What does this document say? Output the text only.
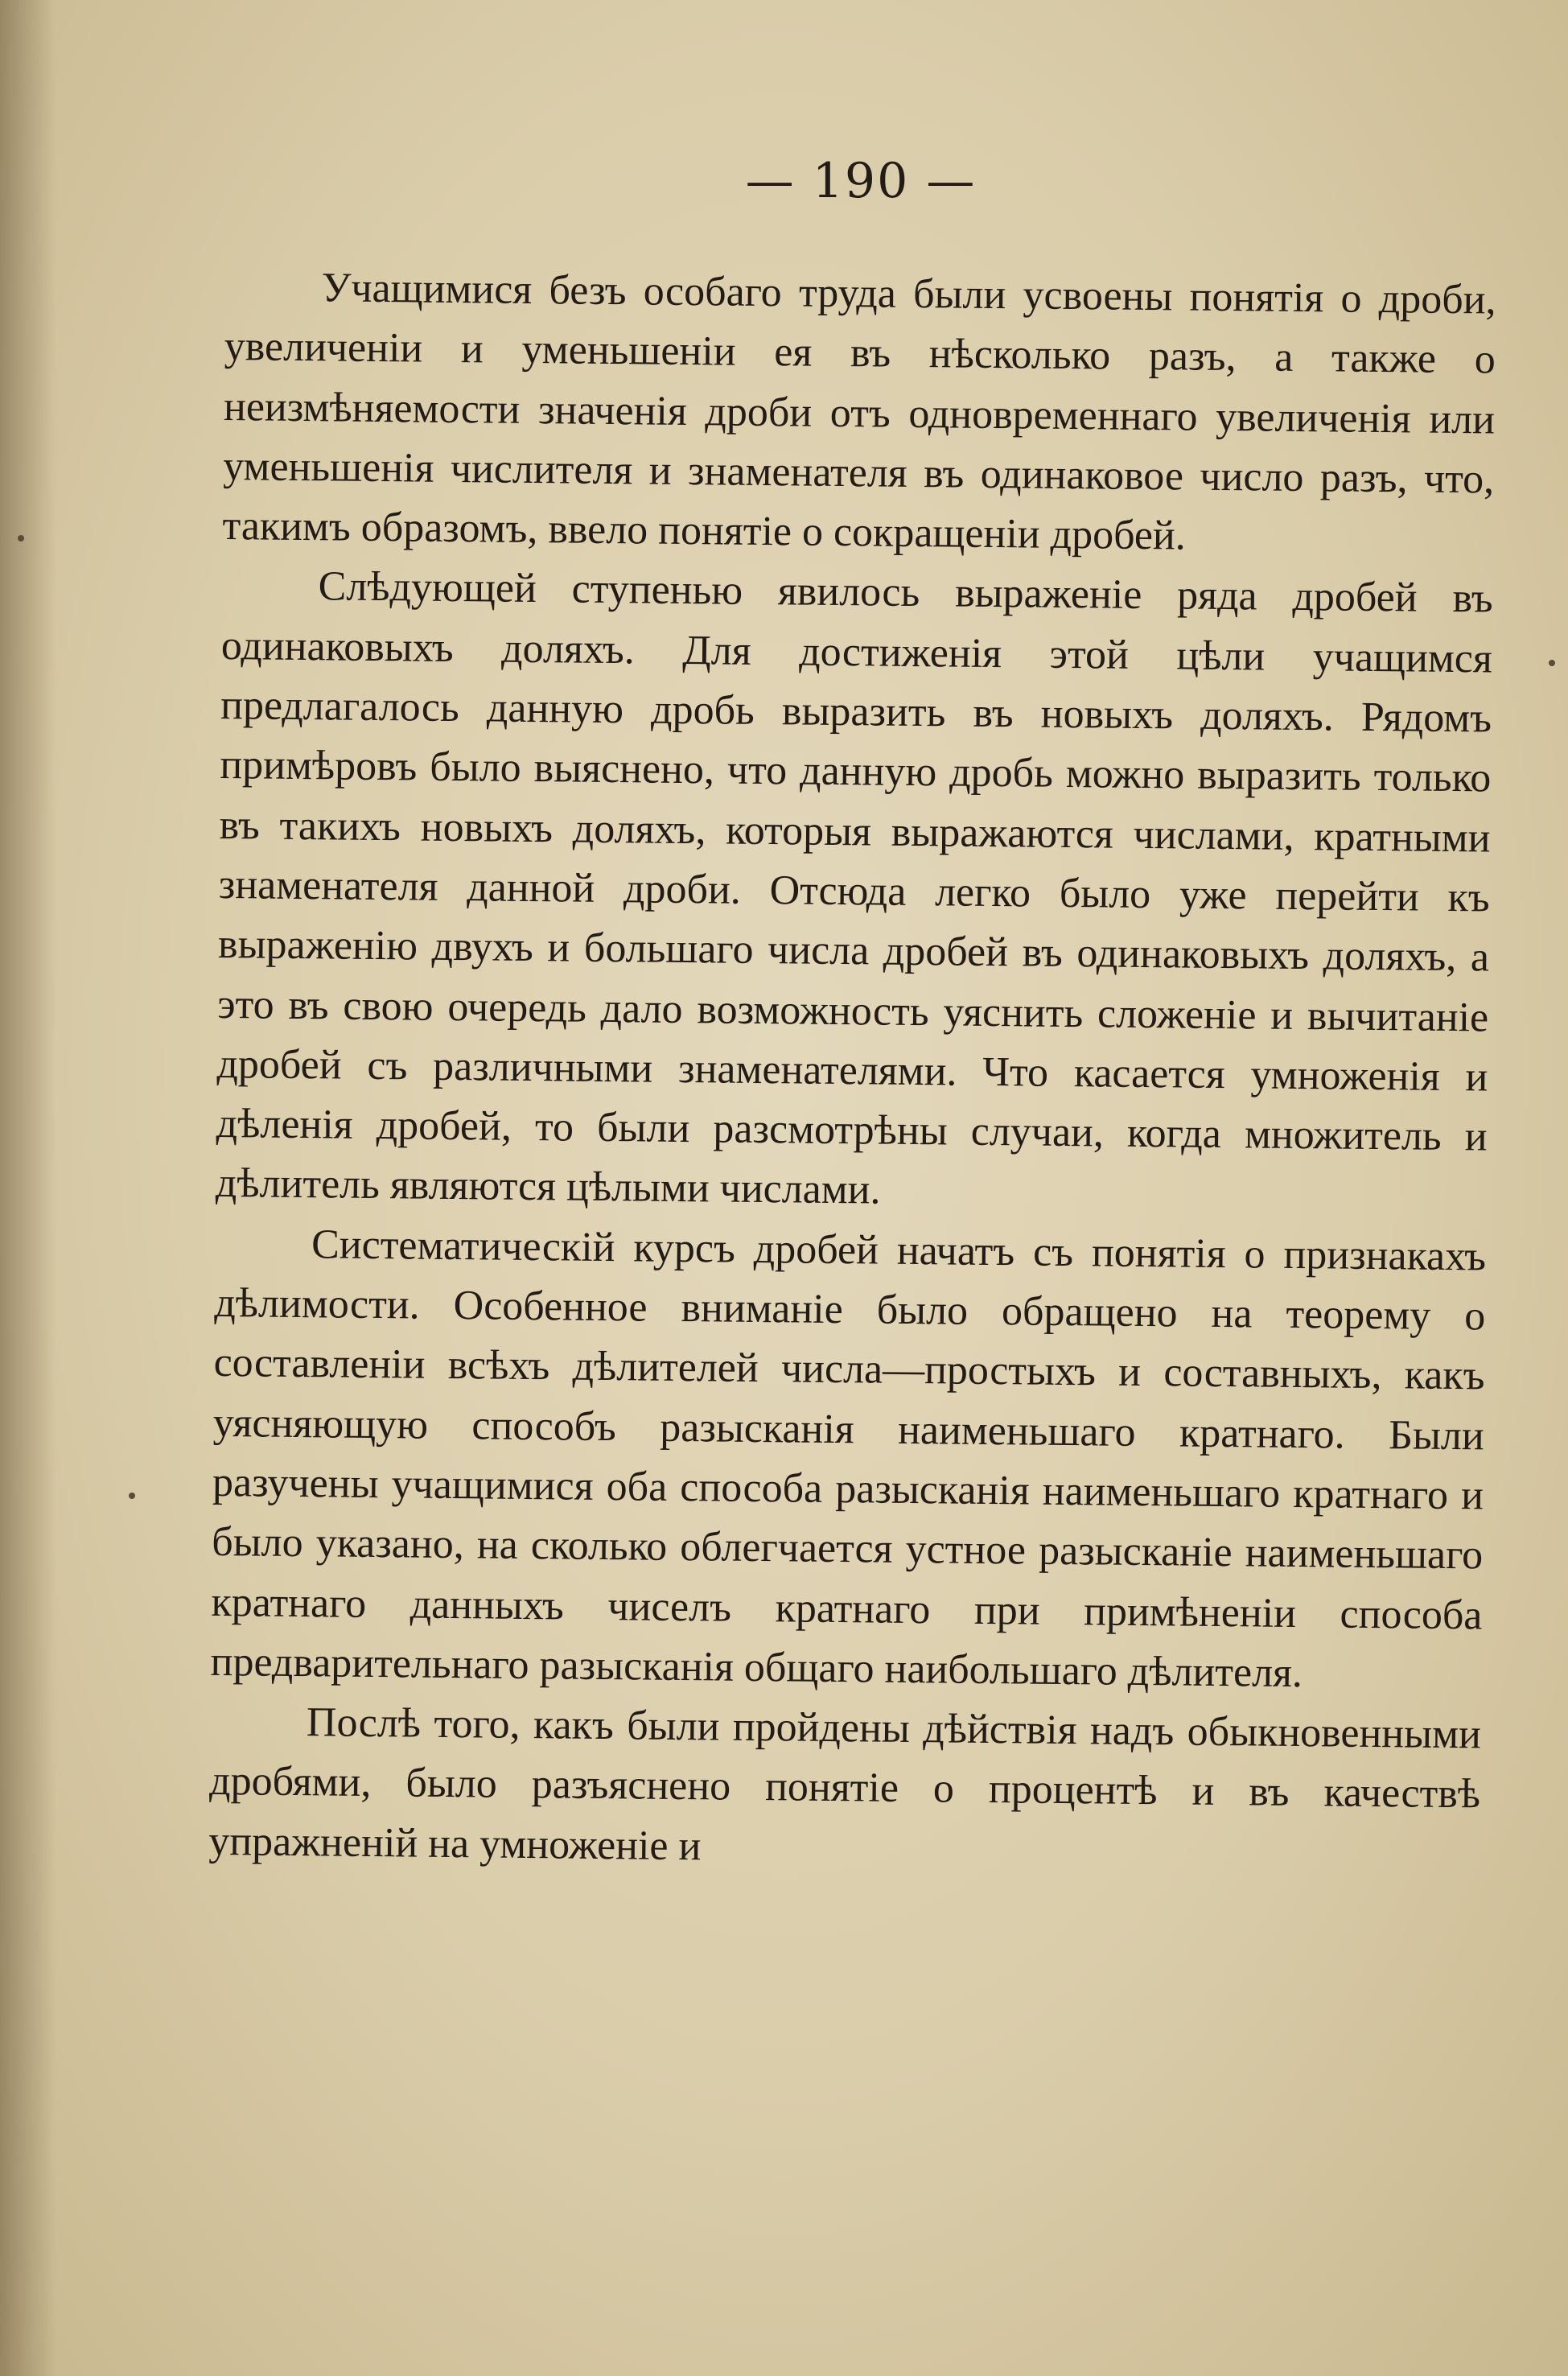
— 190 —

Учащимися безъ особаго труда были усвоены понятія о дроби, увеличеніи и уменьшеніи ея въ нѣсколько разъ, а также о неизмѣняемости значенія дроби отъ одновременнаго увеличенія или уменьшенія числителя и знаменателя въ одинаковое число разъ, что, такимъ образомъ, ввело понятіе о сокращеніи дробей.

Слѣдующей ступенью явилось выраженіе ряда дробей въ одинаковыхъ доляхъ. Для достиженія этой цѣли учащимся предлагалось данную дробь выразить въ новыхъ доляхъ. Рядомъ примѣровъ было выяснено, что данную дробь можно выразить только въ такихъ новыхъ доляхъ, которыя выражаются числами, кратными знаменателя данной дроби. Отсюда легко было уже перейти къ выраженію двухъ и большаго числа дробей въ одинаковыхъ доляхъ, а это въ свою очередь дало возможность уяснить сложеніе и вычитаніе дробей съ различными знаменателями. Что касается умноженія и дѣленія дробей, то были разсмотрѣны случаи, когда множитель и дѣлитель являются цѣлыми числами.

Систематическій курсъ дробей начатъ съ понятія о признакахъ дѣлимости. Особенное вниманіе было обращено на теорему о составленіи всѣхъ дѣлителей числа—простыхъ и составныхъ, какъ уясняющую способъ разысканія наименьшаго кратнаго. Были разучены учащимися оба способа разысканія наименьшаго кратнаго и было указано, на сколько облегчается устное разысканіе наименьшаго кратнаго данныхъ чиселъ кратнаго при примѣненіи способа предварительнаго разысканія общаго наибольшаго дѣлителя.

Послѣ того, какъ были пройдены дѣйствія надъ обыкновенными дробями, было разъяснено понятіе о процентѣ и въ качествѣ упражненій на умноженіе и
